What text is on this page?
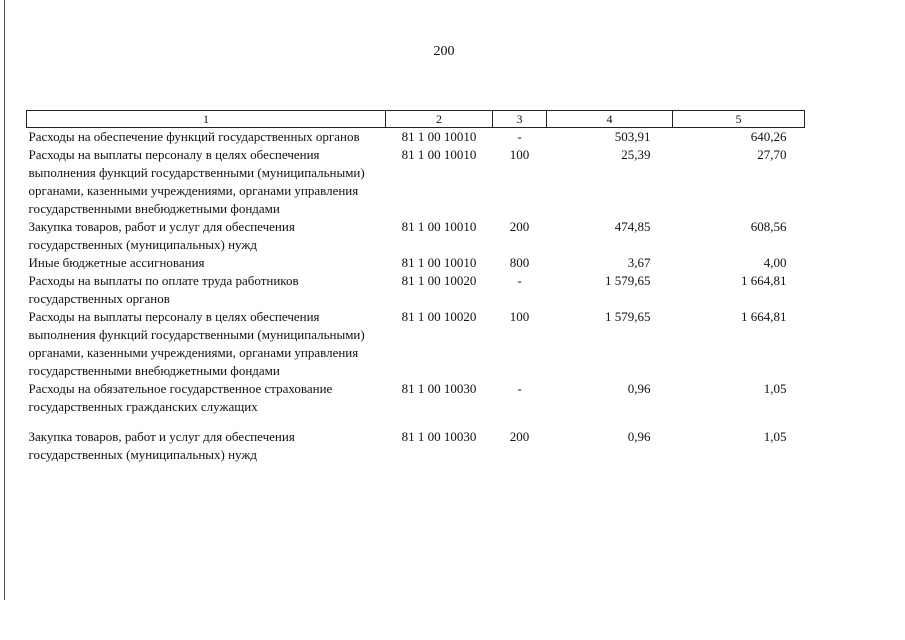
200
1	2	3	4	5
Расходы на обеспечение функций государственных органов	81 1 00 10010	-	503,91	640,26
Расходы на выплаты персоналу в целях обеспечения выполнения функций государственными (муниципальными) органами, казенными учреждениями, органами управления государственными внебюджетными фондами	81 1 00 10010	100	25,39	27,70
Закупка товаров, работ и услуг для обеспечения государственных (муниципальных) нужд	81 1 00 10010	200	474,85	608,56
Иные бюджетные ассигнования	81 1 00 10010	800	3,67	4,00
Расходы на выплаты по оплате труда работников государственных органов	81 1 00 10020	-	1 579,65	1 664,81
Расходы на выплаты персоналу в целях обеспечения выполнения функций государственными (муниципальными) органами, казенными учреждениями, органами управления государственными внебюджетными фондами	81 1 00 10020	100	1 579,65	1 664,81
Расходы на обязательное государственное страхование государственных гражданских служащих	81 1 00 10030	-	0,96	1,05
Закупка товаров, работ и услуг для обеспечения государственных (муниципальных) нужд	81 1 00 10030	200	0,96	1,05
